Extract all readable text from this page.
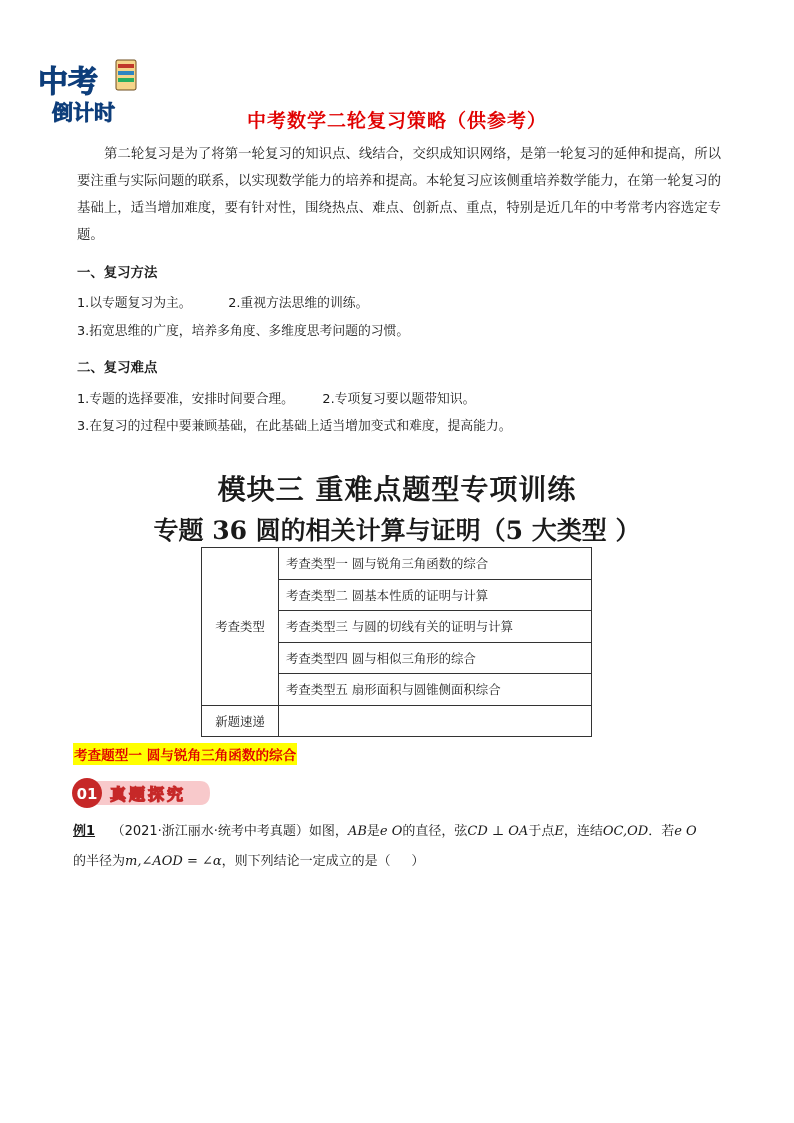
中考
倒计时	中考数学二轮复习策略（供参考）
第二轮复习是为了将第一轮复习的知识点、线结合，交织成知识网络，是第一轮复习的延伸和提高，所以要注重与实际问题的联系，以实现数学能力的培养和提高。本轮复习应该侧重培养数学能力，在第一轮复习的基础上，适当增加难度，要有针对性，围绕热点、难点、创新点、重点，特别是近几年的中考常考内容选定专题。
一、复习方法
1.以专题复习为主。         2.重视方法思维的训练。
3.拓宽思维的广度，培养多角度、多维度思考问题的习惯。
二、复习难点
1.专题的选择要准，安排时间要合理。       2.专项复习要以题带知识。
3.在复习的过程中要兼顾基础，在此基础上适当增加变式和难度，提高能力。
模块三 重难点题型专项训练
专题 36 圆的相关计算与证明（5 大类型 ）
考查类型	考查类型一 圆与锐角三角函数的综合
	考查类型二 圆基本性质的证明与计算
	考查类型三 与圆的切线有关的证明与计算
	考查类型四 圆与相似三角形的综合
	考查类型五 扇形面积与圆锥侧面积综合
新题速递	
考查题型一 圆与锐角三角函数的综合
01 真题探究
例1 （2021·浙江丽水·统考中考真题）如图，AB是e O的直径，弦CD ⊥ OA于点E，连结OC,OD．若e O
的半径为m,∠AOD = ∠α，则下列结论一定成立的是（     ）
